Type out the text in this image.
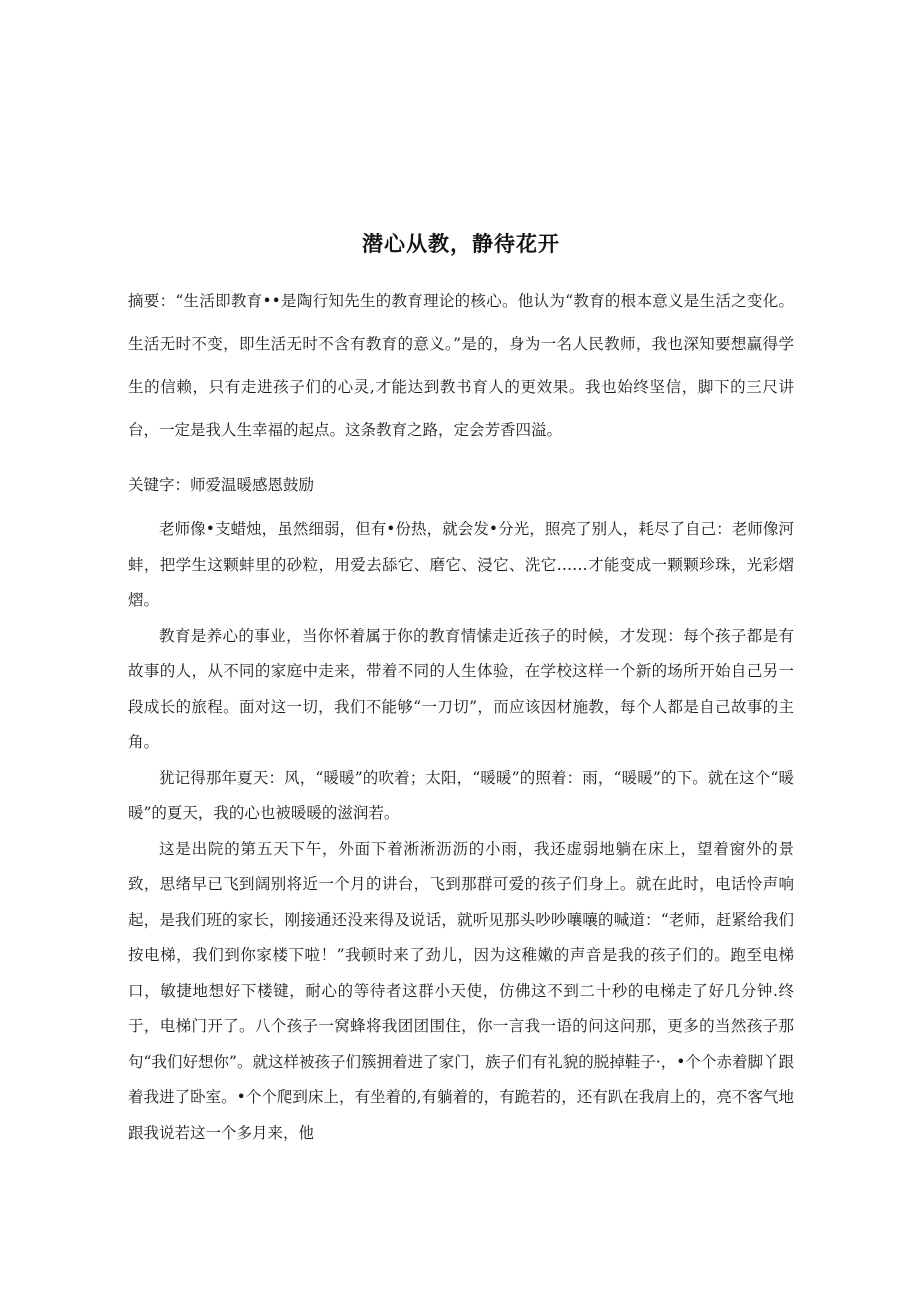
潜心从教，静待花开

摘要：“生活即教育••是陶行知先生的教育理论的核心。他认为“教育的根本意义是生活之变化。生活无时不变，即生活无时不含有教育的意义。”是的，身为一名人民教师，我也深知要想赢得学生的信赖，只有走进孩子们的心灵,才能达到教书育人的更效果。我也始终坚信，脚下的三尺讲台，一定是我人生幸福的起点。这条教育之路，定会芳香四溢。

关键字：师爱温暖感恩鼓励

老师像•支蜡烛，虽然细弱，但有•份热，就会发•分光，照亮了别人，耗尽了自己：老师像河蚌，把学生这颗蚌里的砂粒，用爱去舔它、磨它、浸它、洗它……才能变成一颗颗珍珠，光彩熠熠。

教育是养心的事业，当你怀着属于你的教育情愫走近孩子的时候，才发现：每个孩子都是有故事的人，从不同的家庭中走来，带着不同的人生体验，在学校这样一个新的场所开始自己另一段成长的旅程。面对这一切，我们不能够“一刀切”，而应该因材施教，每个人都是自己故事的主角。

犹记得那年夏天：风，“暖暖”的吹着；太阳，“暖暖”的照着：雨，“暖暖”的下。就在这个“暖暖”的夏天，我的心也被暖暖的滋润若。

这是出院的第五天下午，外面下着淅淅沥沥的小雨，我还虚弱地躺在床上，望着窗外的景致，思绪早已飞到阔别将近一个月的讲台，飞到那群可爱的孩子们身上。就在此时，电话怜声响起，是我们班的家长，刚接通还没来得及说话，就听见那头吵吵嚷嚷的喊道：“老师，赶紧给我们按电梯，我们到你家楼下啦！”我顿时来了劲儿，因为这稚嫩的声音是我的孩子们的。跑至电梯口，敏捷地想好下楼键，耐心的等待者这群小天使，仿佛这不到二十秒的电梯走了好几分钟.终于，电梯门开了。八个孩子一窝蜂将我团团围住，你一言我一语的问这问那，更多的当然孩子那句“我们好想你”。就这样被孩子们簇拥着进了家门，族子们有礼貌的脱掉鞋子·，•个个赤着脚丫跟着我进了卧室。•个个爬到床上，有坐着的,有躺着的，有跪若的，还有趴在我肩上的，亮不客气地跟我说若这一个多月来，他
